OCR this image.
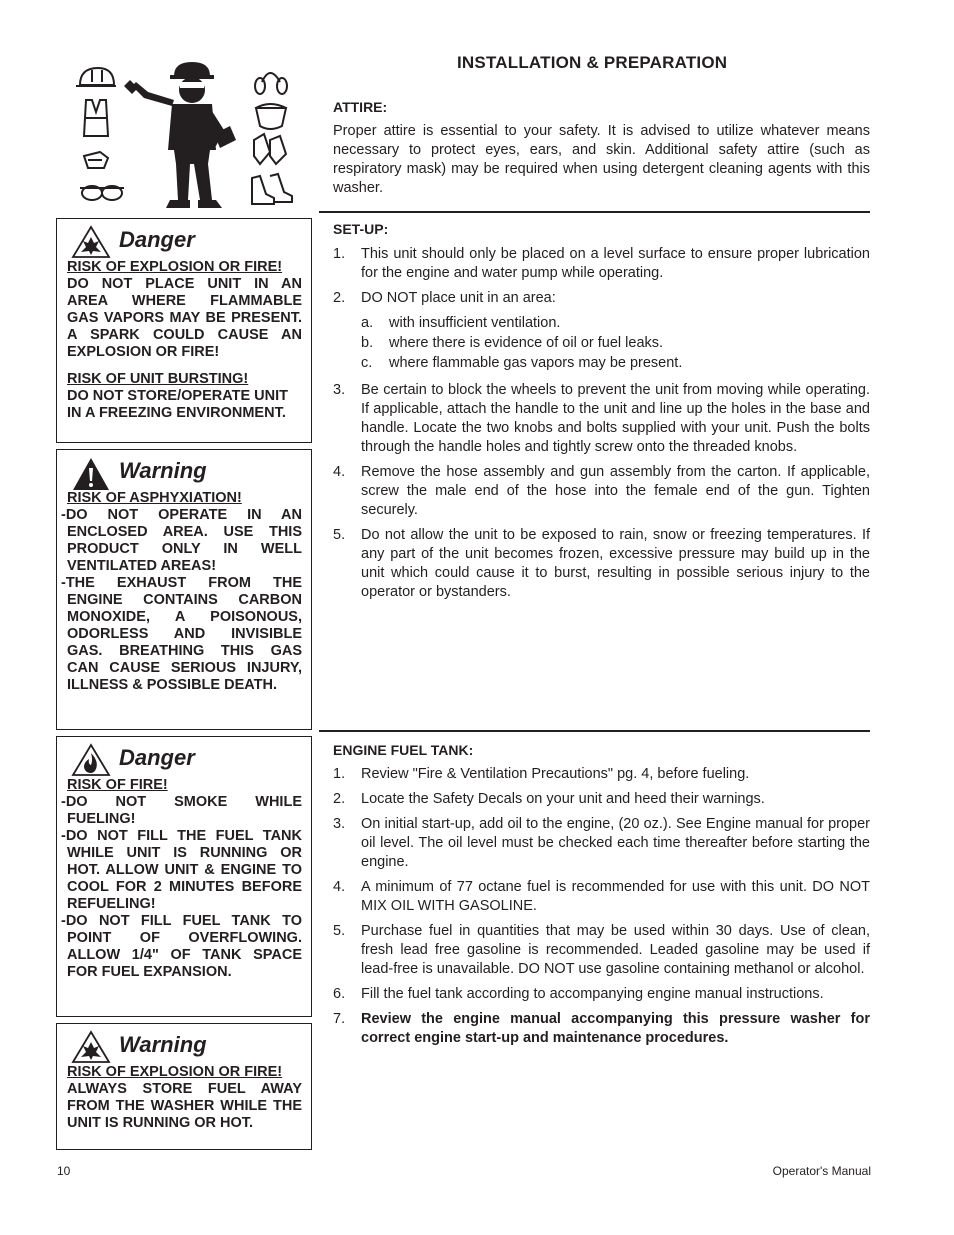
INSTALLATION & PREPARATION
ATTIRE:
Proper attire is essential to your safety. It is advised to utilize whatever means necessary to protect eyes, ears, and skin. Additional safety attire (such as respiratory mask) may be required when using detergent cleaning agents with this washer.
SET-UP:
1. This unit should only be placed on a level surface to ensure proper lubrication for the engine and water pump while operating.
2. DO NOT place unit in an area:
a. with insufficient ventilation.
b. where there is evidence of oil or fuel leaks.
c. where flammable gas vapors may be present.
3. Be certain to block the wheels to prevent the unit from moving while operating. If applicable, attach the handle to the unit and line up the holes in the base and handle. Locate the two knobs and bolts supplied with your unit. Push the bolts through the handle holes and tightly screw onto the threaded knobs.
4. Remove the hose assembly and gun assembly from the carton. If applicable, screw the male end of the hose into the female end of the gun. Tighten securely.
5. Do not allow the unit to be exposed to rain, snow or freezing temperatures. If any part of the unit becomes frozen, excessive pressure may build up in the unit which could cause it to burst, resulting in possible serious injury to the operator or bystanders.
ENGINE FUEL TANK:
1. Review "Fire & Ventilation Precautions" pg. 4, before fueling.
2. Locate the Safety Decals on your unit and heed their warnings.
3. On initial start-up, add oil to the engine, (20 oz.). See Engine manual for proper oil level. The oil level must be checked each time thereafter before starting the engine.
4. A minimum of 77 octane fuel is recommended for use with this unit. DO NOT MIX OIL WITH GASOLINE.
5. Purchase fuel in quantities that may be used within 30 days. Use of clean, fresh lead free gasoline is recommended. Leaded gasoline may be used if lead-free is unavailable. DO NOT use gasoline containing methanol or alcohol.
6. Fill the fuel tank according to accompanying engine manual instructions.
7. Review the engine manual accompanying this pressure washer for correct engine start-up and maintenance procedures.
Danger
RISK OF EXPLOSION OR FIRE!
DO NOT PLACE UNIT IN AN
AREA WHERE FLAMMABLE
GAS VAPORS MAY BE PRESENT.
A SPARK COULD CAUSE AN
EXPLOSION OR FIRE!
RISK OF UNIT BURSTING!
DO NOT STORE/OPERATE UNIT
IN A FREEZING ENVIRONMENT.
Warning
RISK OF ASPHYXIATION!
-DO NOT OPERATE IN AN
ENCLOSED AREA. USE THIS
PRODUCT ONLY IN WELL
VENTILATED AREAS!
-THE EXHAUST FROM THE
ENGINE CONTAINS CARBON
MONOXIDE, A POISONOUS,
ODORLESS AND INVISIBLE
GAS. BREATHING THIS GAS
CAN CAUSE SERIOUS INJURY,
ILLNESS & POSSIBLE DEATH.
Danger
RISK OF FIRE!
-DO NOT SMOKE WHILE
FUELING!
-DO NOT FILL THE FUEL TANK
WHILE UNIT IS RUNNING OR
HOT. ALLOW UNIT & ENGINE TO
COOL FOR 2 MINUTES BEFORE
REFUELING!
-DO NOT FILL FUEL TANK TO
POINT OF OVERFLOWING.
ALLOW 1/4" OF TANK SPACE
FOR FUEL EXPANSION.
Warning
RISK OF EXPLOSION OR FIRE!
ALWAYS STORE FUEL AWAY
FROM THE WASHER WHILE THE
UNIT IS RUNNING OR HOT.
10	Operator's Manual
